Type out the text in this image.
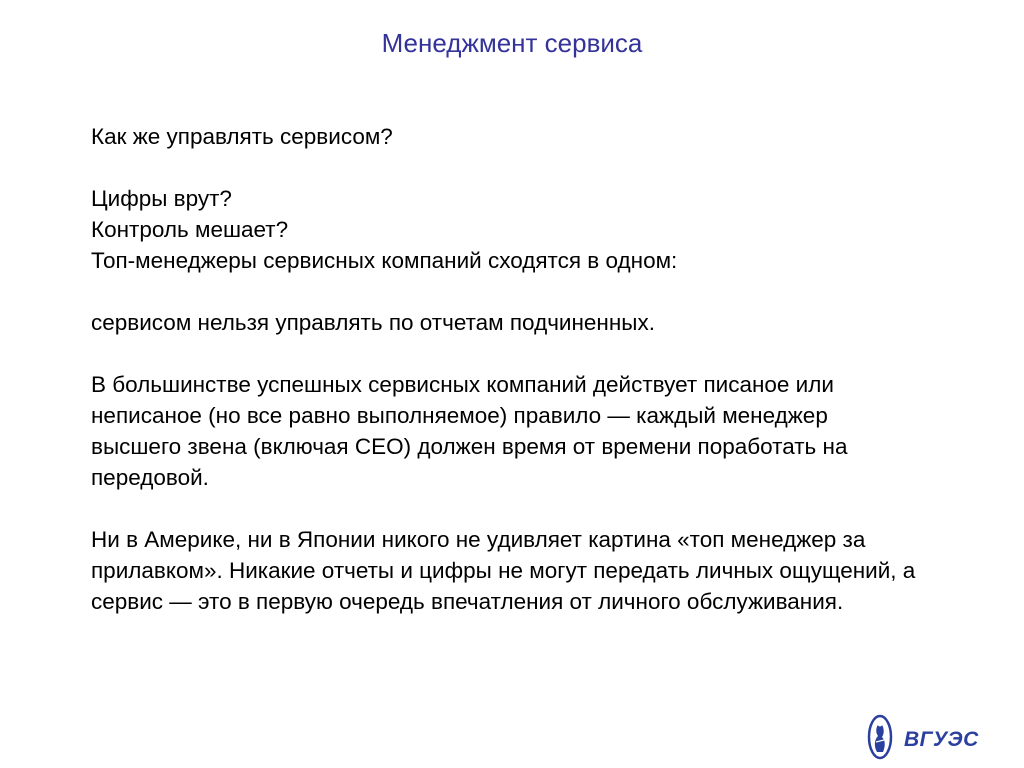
Менеджмент сервиса

Как же управлять сервисом?

Цифры врут?

Контроль мешает?

Топ-менеджеры сервисных компаний сходятся в одном:

сервисом нельзя управлять по отчетам подчиненных.

В большинстве успешных сервисных компаний действует писаное или неписаное (но все равно выполняемое) правило — каждый менеджер высшего звена (включая CEO) должен время от времени поработать на передовой.

Ни в Америке, ни в Японии никого не удивляет картина «топ менеджер за прилавком». Никакие отчеты и цифры не могут передать личных ощущений, а сервис — это в первую очередь впечатления от личного обслуживания.

ВГУЭС
